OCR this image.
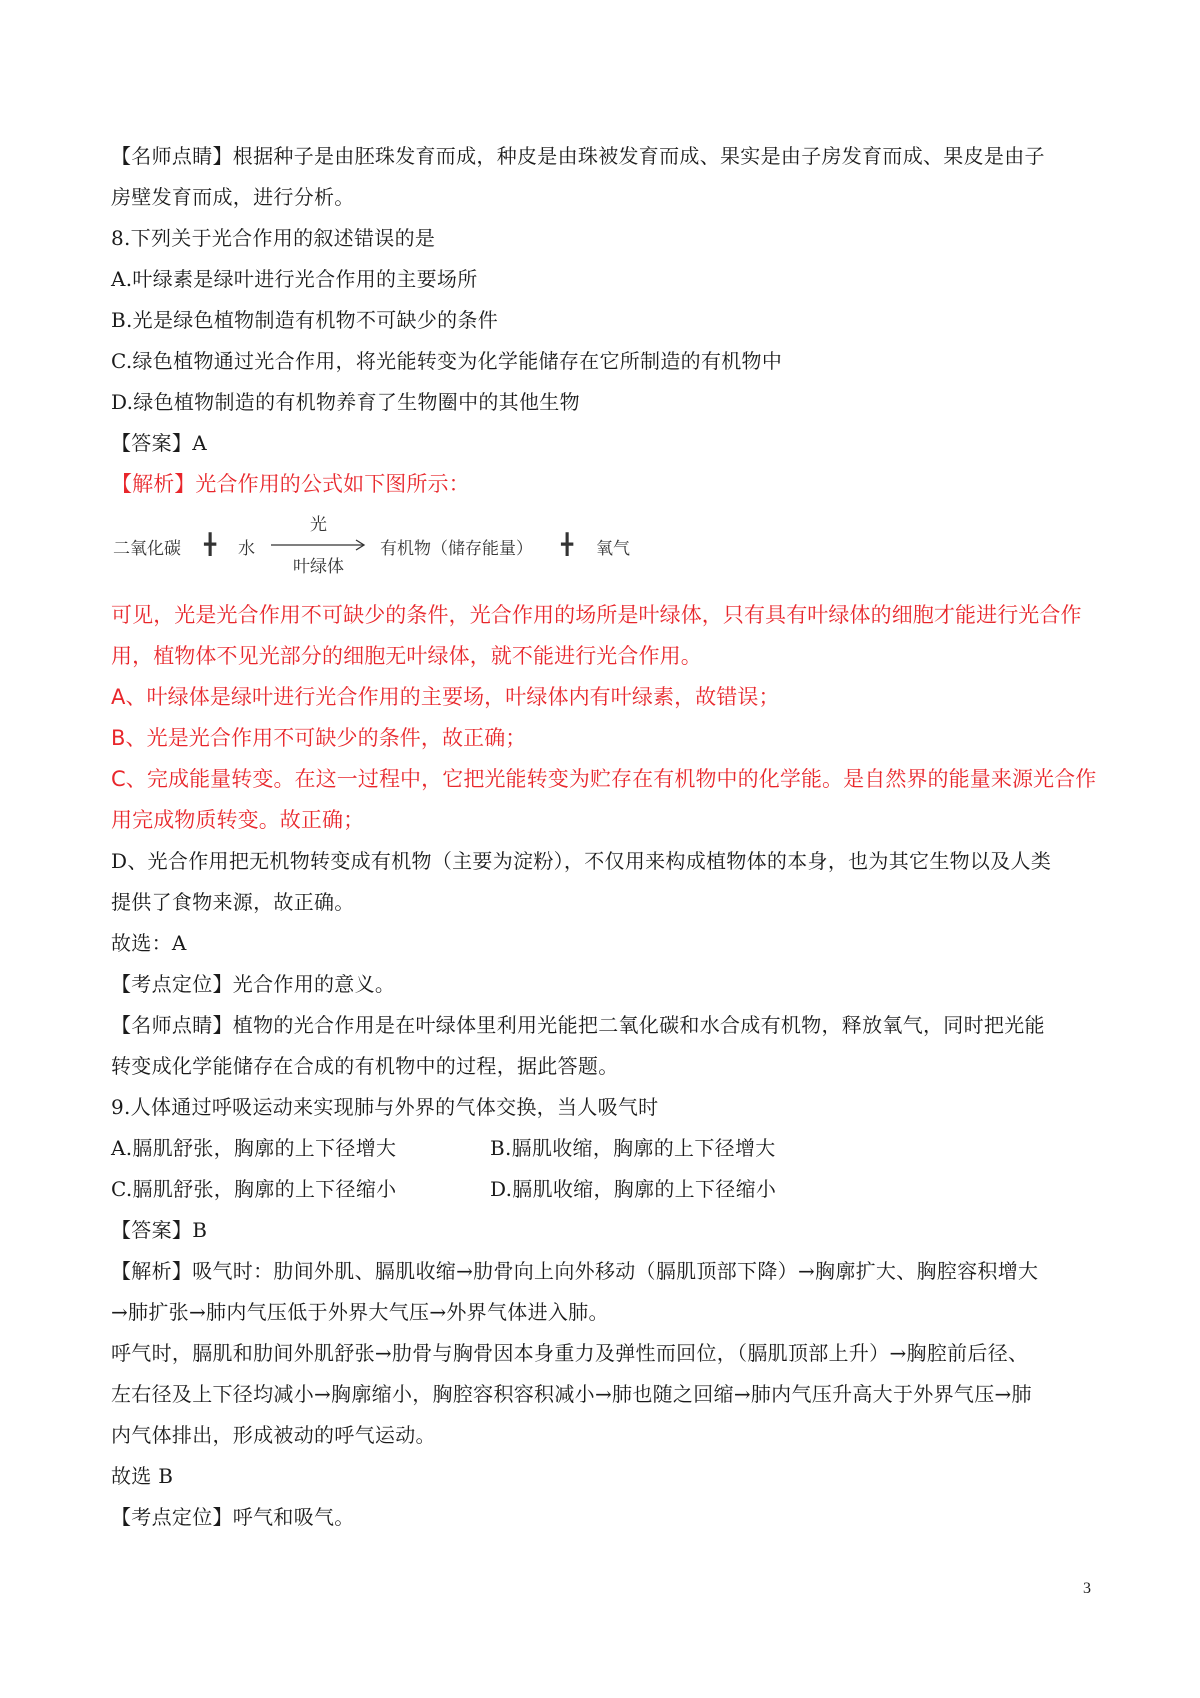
【名师点睛】根据种子是由胚珠发育而成，种皮是由珠被发育而成、果实是由子房发育而成、果皮是由子
房壁发育而成，进行分析。
8.下列关于光合作用的叙述错误的是
A.叶绿素是绿叶进行光合作用的主要场所
B.光是绿色植物制造有机物不可缺少的条件
C.绿色植物通过光合作用，将光能转变为化学能储存在它所制造的有机物中
D.绿色植物制造的有机物养育了生物圈中的其他生物
【答案】A
【解析】光合作用的公式如下图所示：
二氧化碳 ╋ 水
光
叶绿体
有机物（储存能量） ╋ 氧气
可见，光是光合作用不可缺少的条件，光合作用的场所是叶绿体，只有具有叶绿体的细胞才能进行光合作
用，植物体不见光部分的细胞无叶绿体，就不能进行光合作用。
A、叶绿体是绿叶进行光合作用的主要场，叶绿体内有叶绿素，故错误；
B、光是光合作用不可缺少的条件，故正确；
C、完成能量转变。在这一过程中，它把光能转变为贮存在有机物中的化学能。是自然界的能量来源光合作
用完成物质转变。故正确；
D、光合作用把无机物转变成有机物（主要为淀粉），不仅用来构成植物体的本身，也为其它生物以及人类
提供了食物来源，故正确。
故选：A
【考点定位】光合作用的意义。
【名师点睛】植物的光合作用是在叶绿体里利用光能把二氧化碳和水合成有机物，释放氧气，同时把光能
转变成化学能储存在合成的有机物中的过程，据此答题。
9.人体通过呼吸运动来实现肺与外界的气体交换，当人吸气时
A.膈肌舒张，胸廓的上下径增大	B.膈肌收缩，胸廓的上下径增大
C.膈肌舒张，胸廓的上下径缩小	D.膈肌收缩，胸廓的上下径缩小
【答案】B
【解析】吸气时：肋间外肌、膈肌收缩→肋骨向上向外移动（膈肌顶部下降）→胸廓扩大、胸腔容积增大
→肺扩张→肺内气压低于外界大气压→外界气体进入肺。
呼气时，膈肌和肋间外肌舒张→肋骨与胸骨因本身重力及弹性而回位，（膈肌顶部上升）→胸腔前后径、
左右径及上下径均减小→胸廓缩小，胸腔容积容积减小→肺也随之回缩→肺内气压升高大于外界气压→肺
内气体排出，形成被动的呼气运动。
故选 B
【考点定位】呼气和吸气。
3
